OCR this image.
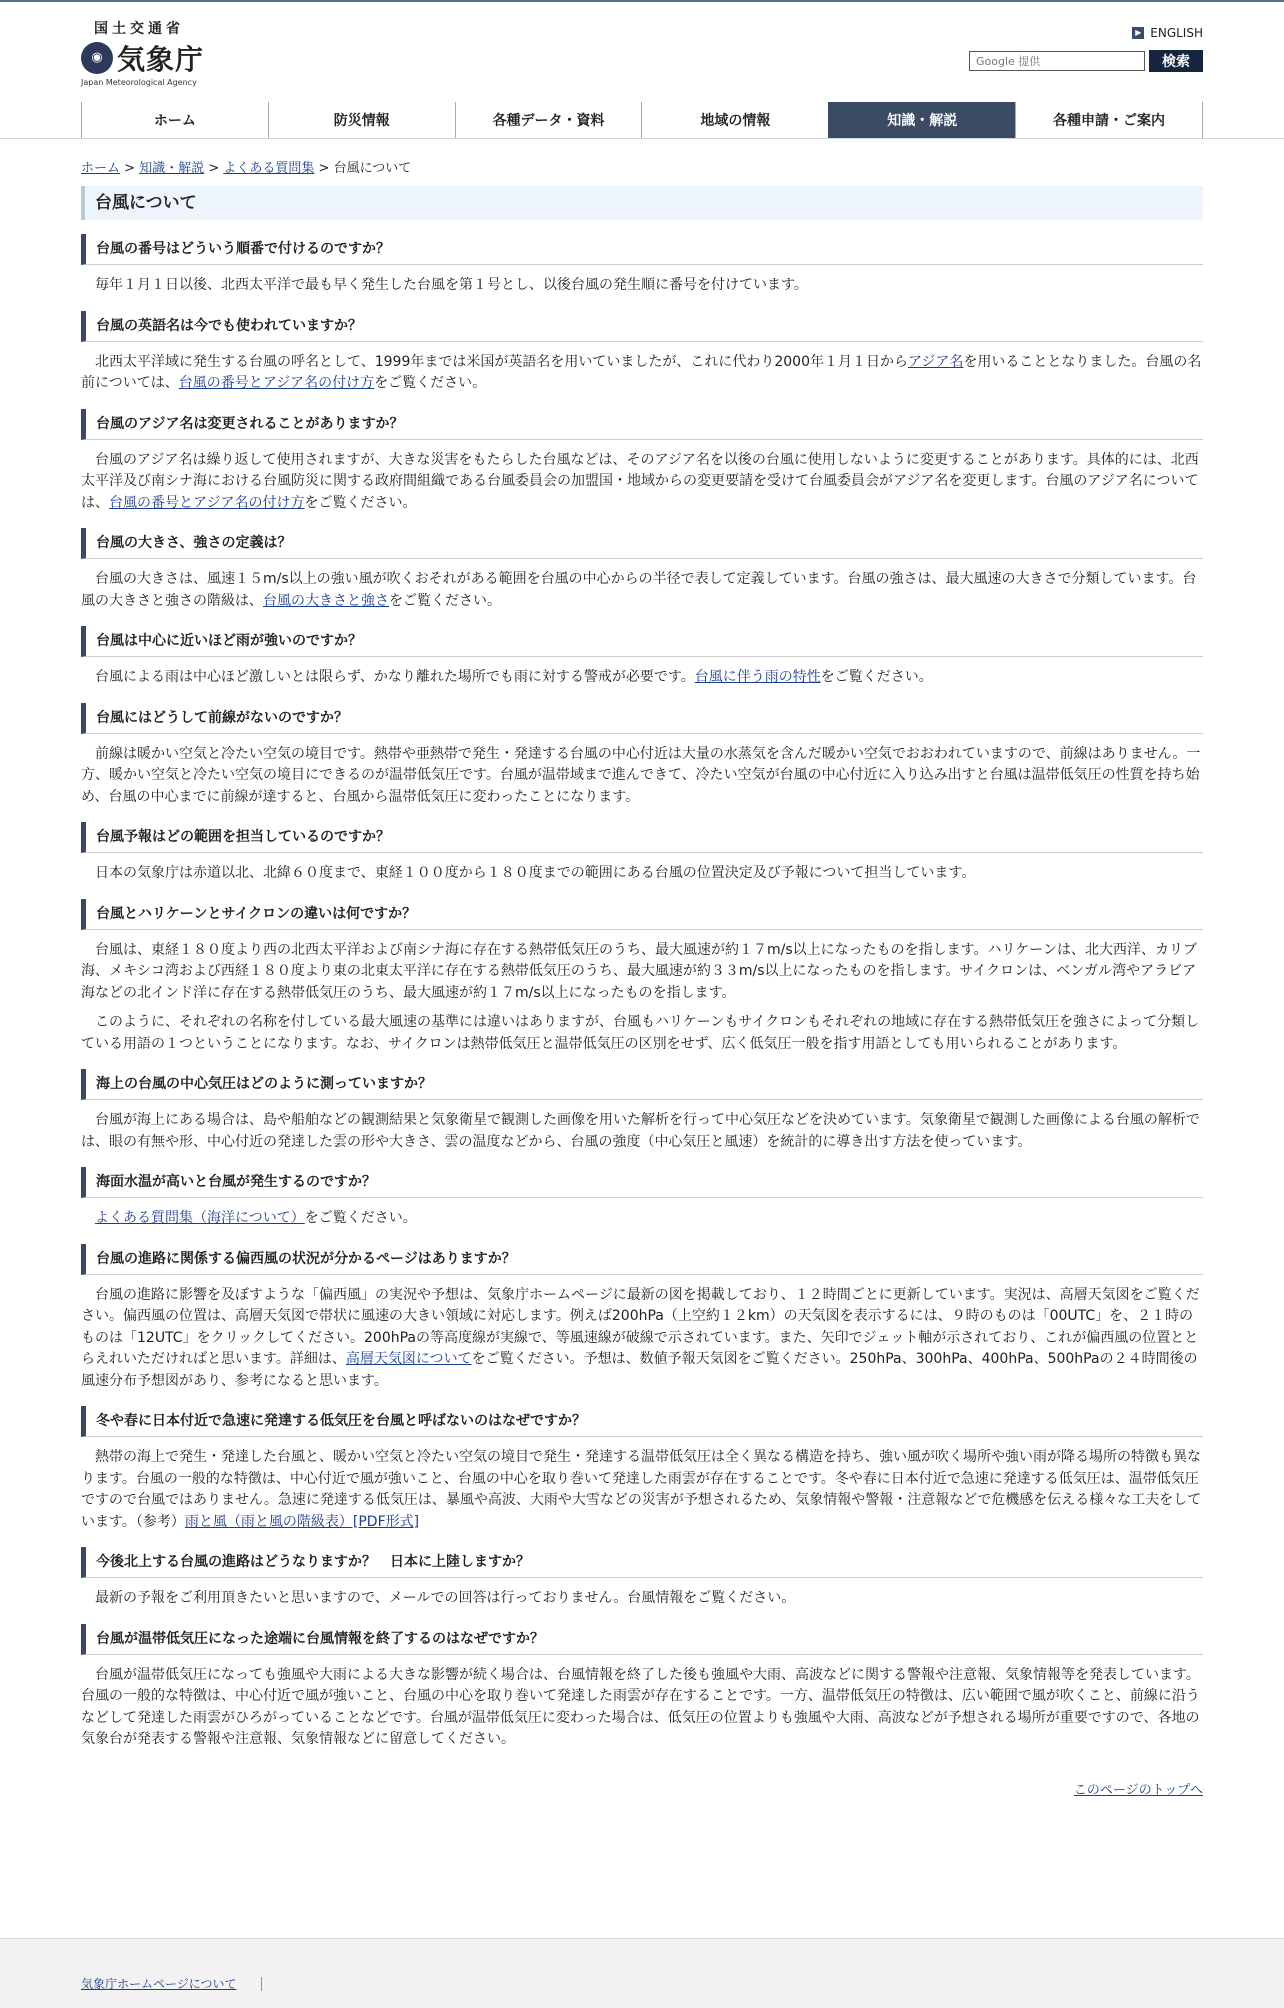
国土交通省
◉ 気象庁
Japan Meteorological Agency
▶ ENGLISH
Google 提供
検索
ホーム	防災情報	各種データ・資料	地域の情報	知識・解説	各種申請・ご案内
ホーム > 知識・解説 > よくある質問集 > 台風について
台風について
台風の番号はどういう順番で付けるのですか？

毎年１月１日以後、北西太平洋で最も早く発生した台風を第１号とし、以後台風の発生順に番号を付けています。

台風の英語名は今でも使われていますか？

北西太平洋域に発生する台風の呼名として、1999年までは米国が英語名を用いていましたが、これに代わり2000年１月１日からアジア名を用いることとなりました。台風の名前については、台風の番号とアジア名の付け方をご覧ください。

台風のアジア名は変更されることがありますか？

台風のアジア名は繰り返して使用されますが、大きな災害をもたらした台風などは、そのアジア名を以後の台風に使用しないように変更することがあります。具体的には、北西太平洋及び南シナ海における台風防災に関する政府間組織である台風委員会の加盟国・地域からの変更要請を受けて台風委員会がアジア名を変更します。台風のアジア名については、台風の番号とアジア名の付け方をご覧ください。

台風の大きさ、強さの定義は？

台風の大きさは、風速１５m/s以上の強い風が吹くおそれがある範囲を台風の中心からの半径で表して定義しています。台風の強さは、最大風速の大きさで分類しています。台風の大きさと強さの階級は、台風の大きさと強さをご覧ください。

台風は中心に近いほど雨が強いのですか？

台風による雨は中心ほど激しいとは限らず、かなり離れた場所でも雨に対する警戒が必要です。台風に伴う雨の特性をご覧ください。

台風にはどうして前線がないのですか？

前線は暖かい空気と冷たい空気の境目です。熱帯や亜熱帯で発生・発達する台風の中心付近は大量の水蒸気を含んだ暖かい空気でおおわれていますので、前線はありません。一方、暖かい空気と冷たい空気の境目にできるのが温帯低気圧です。台風が温帯域まで進んできて、冷たい空気が台風の中心付近に入り込み出すと台風は温帯低気圧の性質を持ち始め、台風の中心までに前線が達すると、台風から温帯低気圧に変わったことになります。

台風予報はどの範囲を担当しているのですか？

日本の気象庁は赤道以北、北緯６０度まで、東経１００度から１８０度までの範囲にある台風の位置決定及び予報について担当しています。

台風とハリケーンとサイクロンの違いは何ですか？

台風は、東経１８０度より西の北西太平洋および南シナ海に存在する熱帯低気圧のうち、最大風速が約１７m/s以上になったものを指します。ハリケーンは、北大西洋、カリブ海、メキシコ湾および西経１８０度より東の北東太平洋に存在する熱帯低気圧のうち、最大風速が約３３m/s以上になったものを指します。サイクロンは、ベンガル湾やアラビア海などの北インド洋に存在する熱帯低気圧のうち、最大風速が約１７m/s以上になったものを指します。

このように、それぞれの名称を付している最大風速の基準には違いはありますが、台風もハリケーンもサイクロンもそれぞれの地域に存在する熱帯低気圧を強さによって分類している用語の１つということになります。なお、サイクロンは熱帯低気圧と温帯低気圧の区別をせず、広く低気圧一般を指す用語としても用いられることがあります。

海上の台風の中心気圧はどのように測っていますか？

台風が海上にある場合は、島や船舶などの観測結果と気象衛星で観測した画像を用いた解析を行って中心気圧などを決めています。気象衛星で観測した画像による台風の解析では、眼の有無や形、中心付近の発達した雲の形や大きさ、雲の温度などから、台風の強度（中心気圧と風速）を統計的に導き出す方法を使っています。

海面水温が高いと台風が発生するのですか？

よくある質問集（海洋について）をご覧ください。

台風の進路に関係する偏西風の状況が分かるページはありますか？

台風の進路に影響を及ぼすような「偏西風」の実況や予想は、気象庁ホームページに最新の図を掲載しており、１２時間ごとに更新しています。実況は、高層天気図をご覧ください。偏西風の位置は、高層天気図で帯状に風速の大きい領域に対応します。例えば200hPa（上空約１２km）の天気図を表示するには、９時のものは「00UTC」を、２１時のものは「12UTC」をクリックしてください。200hPaの等高度線が実線で、等風速線が破線で示されています。また、矢印でジェット軸が示されており、これが偏西風の位置ととらえれいただければと思います。詳細は、高層天気図についてをご覧ください。予想は、数値予報天気図をご覧ください。250hPa、300hPa、400hPa、500hPaの２４時間後の風速分布予想図があり、参考になると思います。

冬や春に日本付近で急速に発達する低気圧を台風と呼ばないのはなぜですか？

熱帯の海上で発生・発達した台風と、暖かい空気と冷たい空気の境目で発生・発達する温帯低気圧は全く異なる構造を持ち、強い風が吹く場所や強い雨が降る場所の特徴も異なります。台風の一般的な特徴は、中心付近で風が強いこと、台風の中心を取り巻いて発達した雨雲が存在することです。冬や春に日本付近で急速に発達する低気圧は、温帯低気圧ですので台風ではありません。急速に発達する低気圧は、暴風や高波、大雨や大雪などの災害が予想されるため、気象情報や警報・注意報などで危機感を伝える様々な工夫をしています。（参考）雨と風（雨と風の階級表）[PDF形式]

今後北上する台風の進路はどうなりますか？　日本に上陸しますか？

最新の予報をご利用頂きたいと思いますので、メールでの回答は行っておりません。台風情報をご覧ください。

台風が温帯低気圧になった途端に台風情報を終了するのはなぜですか？

台風が温帯低気圧になっても強風や大雨による大きな影響が続く場合は、台風情報を終了した後も強風や大雨、高波などに関する警報や注意報、気象情報等を発表しています。台風の一般的な特徴は、中心付近で風が強いこと、台風の中心を取り巻いて発達した雨雲が存在することです。一方、温帯低気圧の特徴は、広い範囲で風が吹くこと、前線に沿うなどして発達した雨雲がひろがっていることなどです。台風が温帯低気圧に変わった場合は、低気圧の位置よりも強風や大雨、高波などが予想される場所が重要ですので、各地の気象台が発表する警報や注意報、気象情報などに留意してください。

このページのトップへ
気象庁ホームページについて
